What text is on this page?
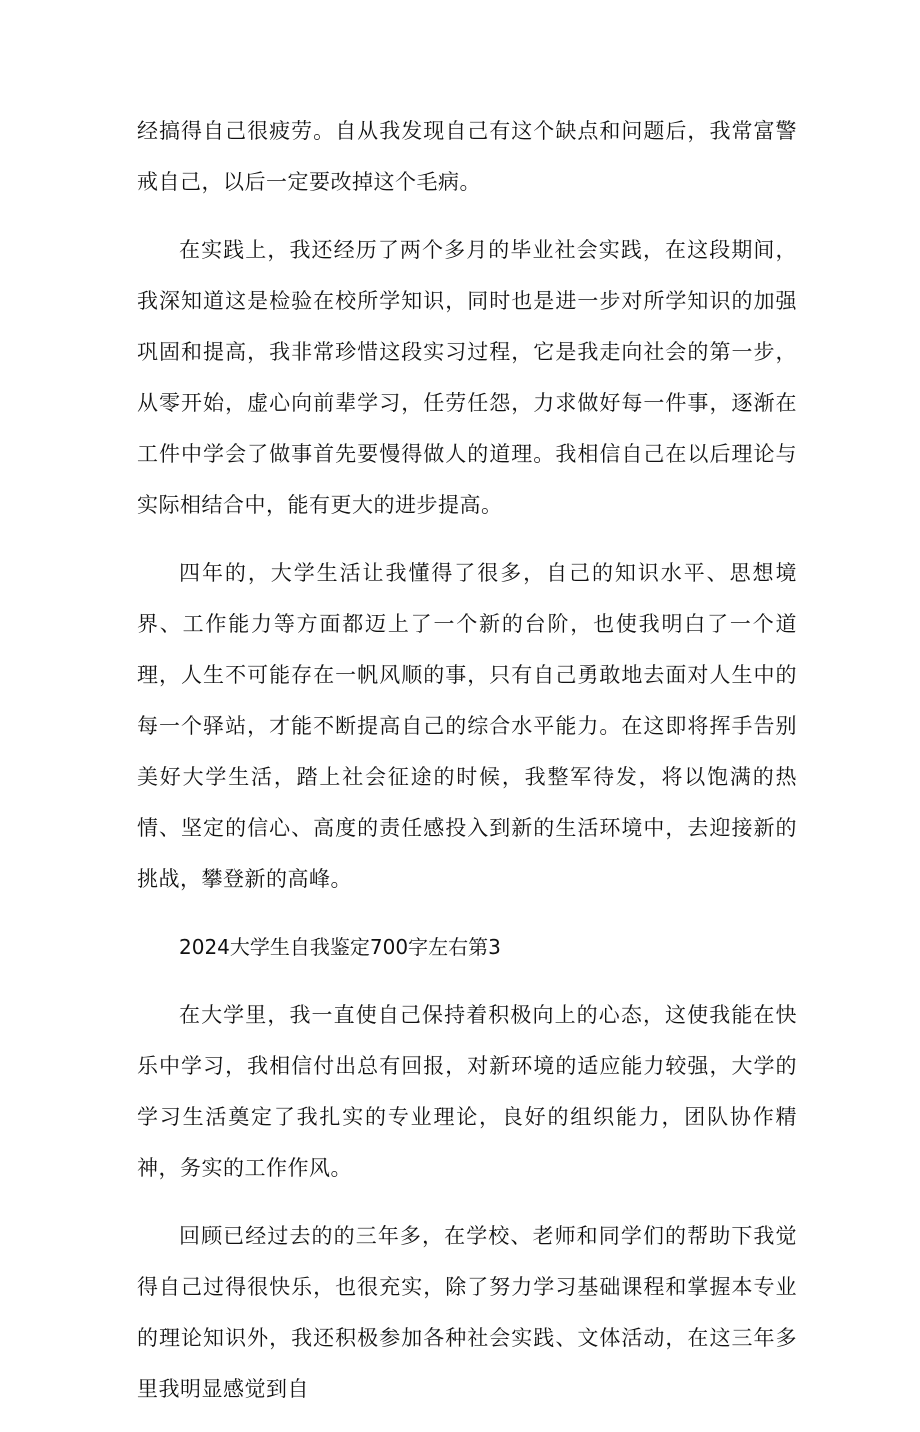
经搞得自己很疲劳。自从我发现自己有这个缺点和问题后，我常富警戒自己，以后一定要改掉这个毛病。

在实践上，我还经历了两个多月的毕业社会实践，在这段期间，我深知道这是检验在校所学知识，同时也是进一步对所学知识的加强巩固和提高，我非常珍惜这段实习过程，它是我走向社会的第一步，从零开始，虚心向前辈学习，任劳任怨，力求做好每一件事，逐渐在工件中学会了做事首先要慢得做人的道理。我相信自己在以后理论与实际相结合中，能有更大的进步提高。

四年的，大学生活让我懂得了很多，自己的知识水平、思想境界、工作能力等方面都迈上了一个新的台阶，也使我明白了一个道理，人生不可能存在一帆风顺的事，只有自己勇敢地去面对人生中的每一个驿站，才能不断提高自己的综合水平能力。在这即将挥手告别美好大学生活，踏上社会征途的时候，我整军待发，将以饱满的热情、坚定的信心、高度的责任感投入到新的生活环境中，去迎接新的挑战，攀登新的高峰。

2024大学生自我鉴定700字左右第3

在大学里，我一直使自己保持着积极向上的心态，这使我能在快乐中学习，我相信付出总有回报，对新环境的适应能力较强，大学的学习生活奠定了我扎实的专业理论，良好的组织能力，团队协作精神，务实的工作作风。

回顾已经过去的的三年多，在学校、老师和同学们的帮助下我觉得自己过得很快乐，也很充实，除了努力学习基础课程和掌握本专业的理论知识外，我还积极参加各种社会实践、文体活动，在这三年多里我明显感觉到自
